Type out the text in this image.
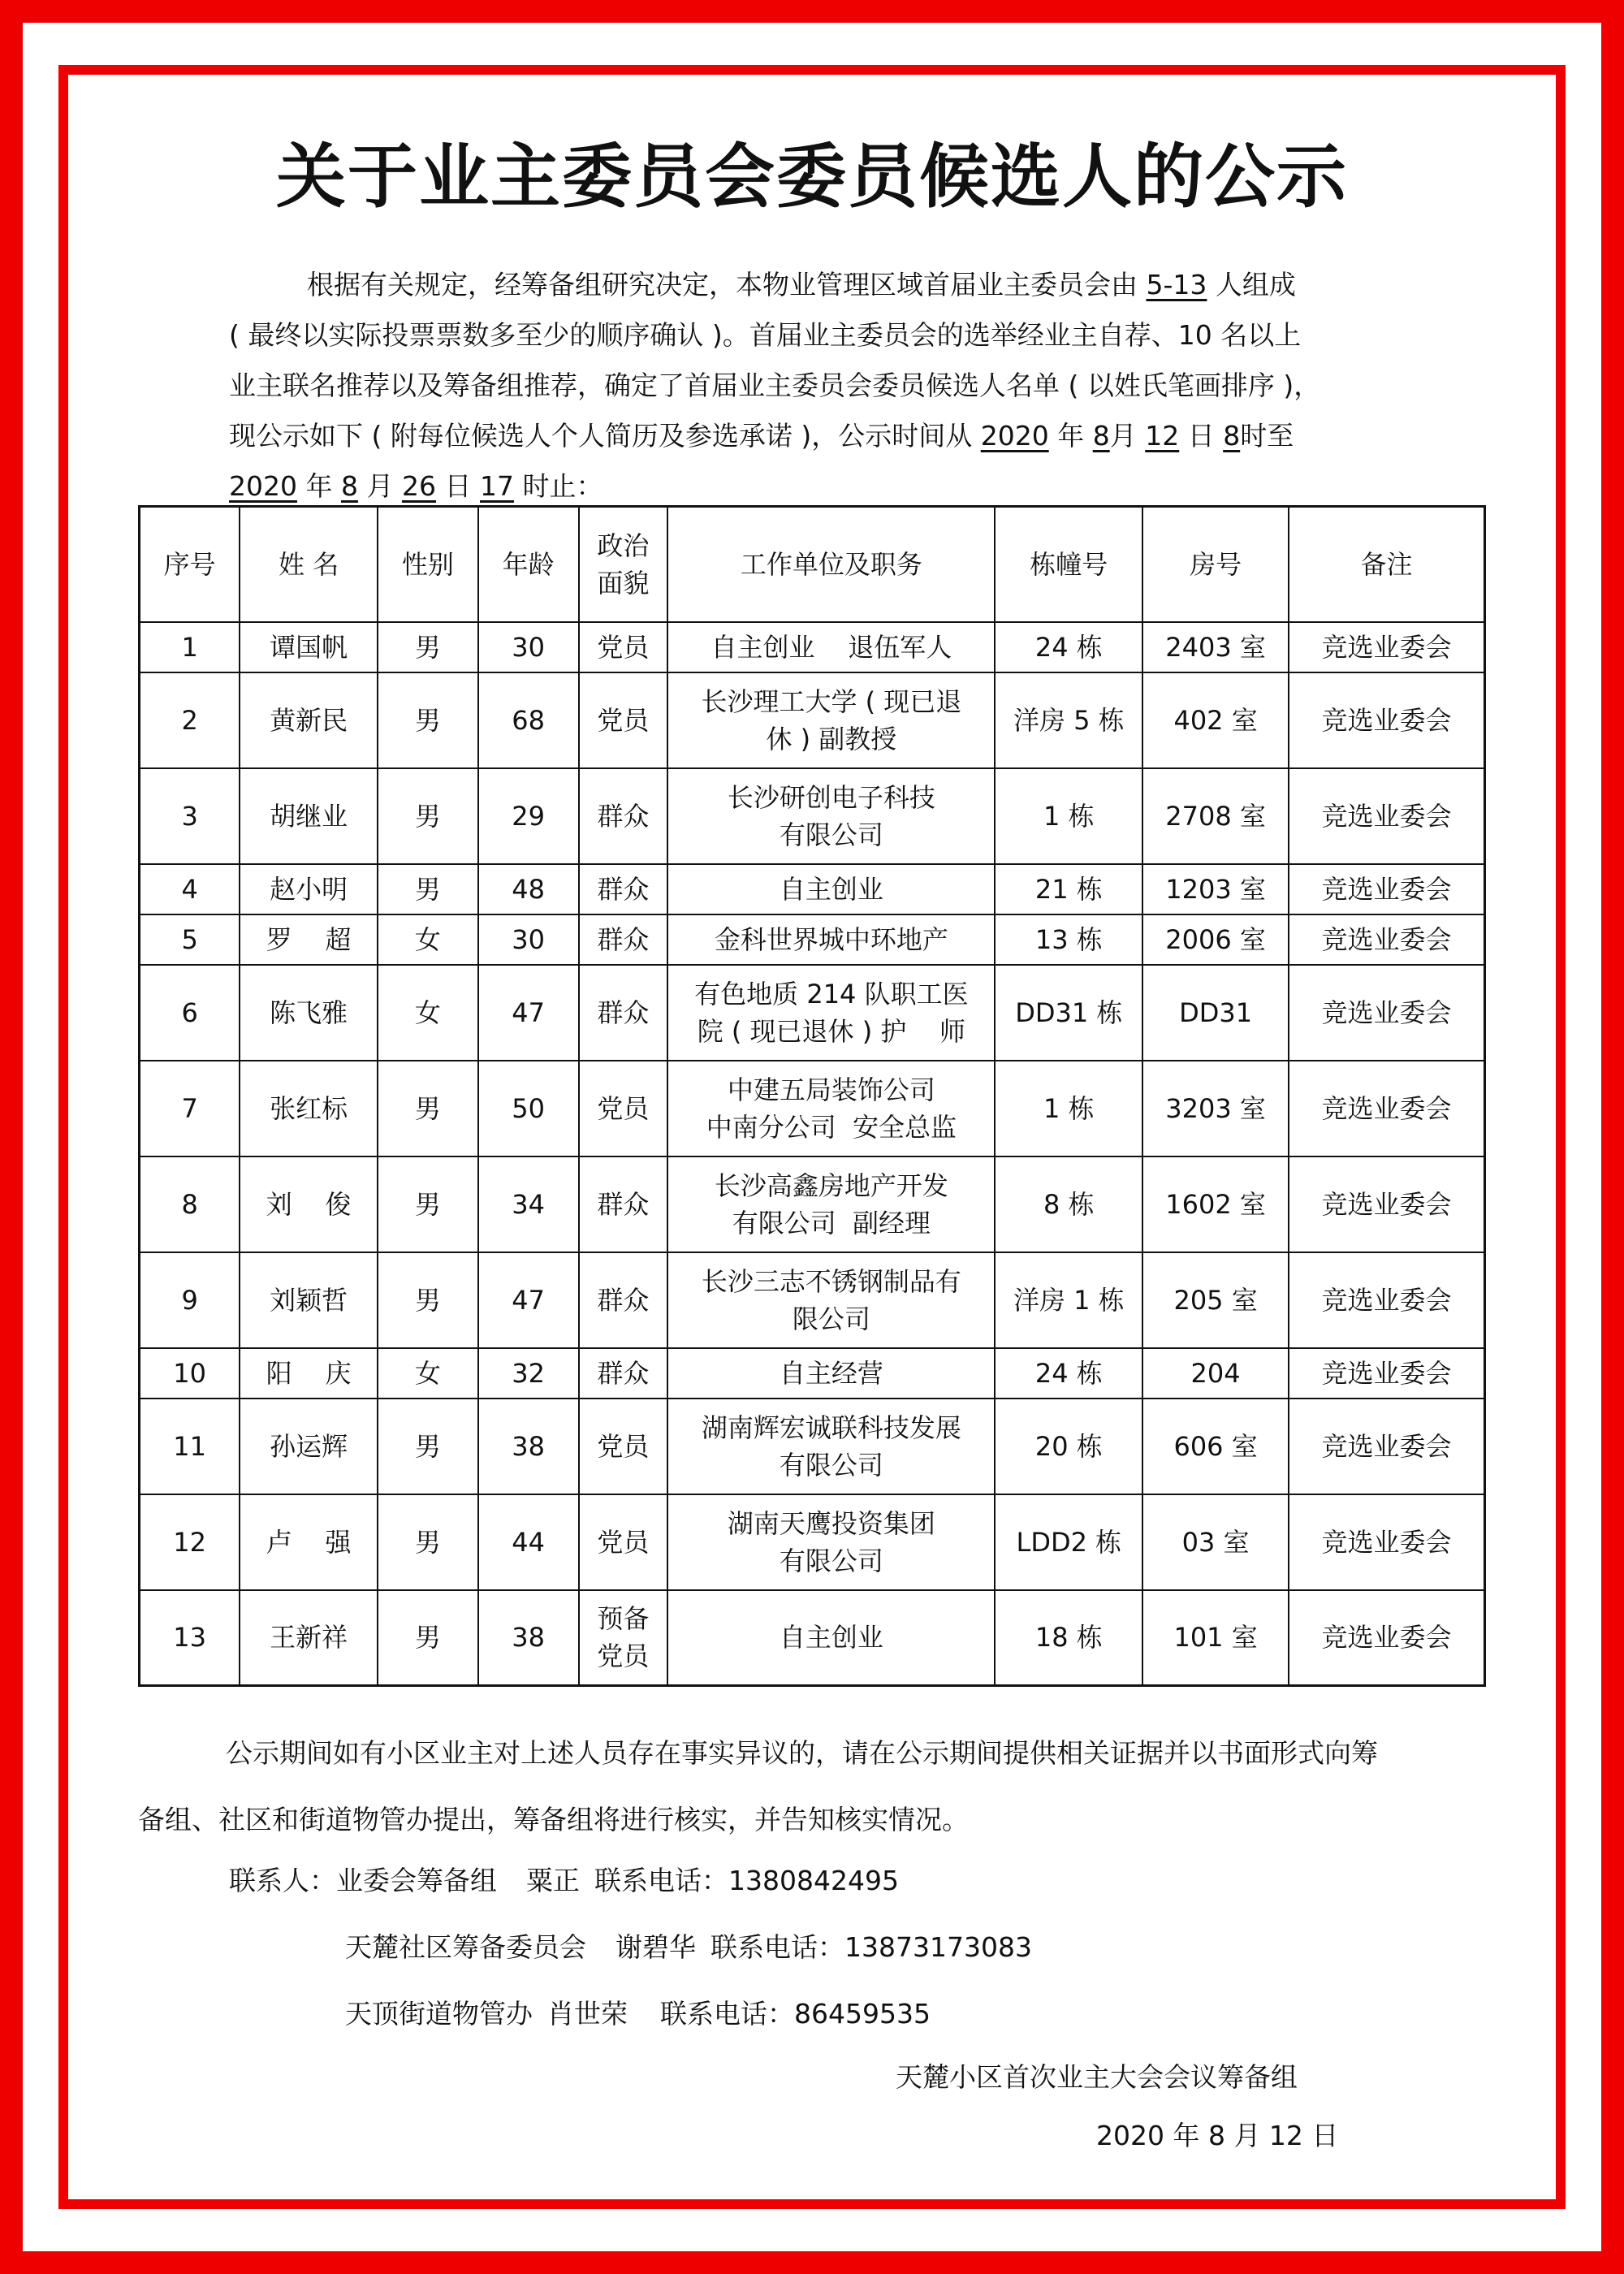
关于业主委员会委员候选人的公示

根据有关规定，经筹备组研究决定，本物业管理区域首届业主委员会由 5-13 人组成

( 最终以实际投票票数多至少的顺序确认 )。首届业主委员会的选举经业主自荐、10 名以上

业主联名推荐以及筹备组推荐，确定了首届业主委员会委员候选人名单 ( 以姓氏笔画排序 )，

现公示如下 ( 附每位候选人个人简历及参选承诺 )，公示时间从 2020 年 8月 12 日 8时至

2020 年 8 月 26 日 17 时止：

序号	姓 名	性别	年龄	政治
面貌	工作单位及职务	栋幢号	房号	备注
1	谭国帆	男	30	党员	自主创业    退伍军人	24 栋	2403 室	竞选业委会
2	黄新民	男	68	党员	长沙理工大学 ( 现已退
休 ) 副教授	洋房 5 栋	402 室	竞选业委会
3	胡继业	男	29	群众	长沙研创电子科技
有限公司	1 栋	2708 室	竞选业委会
4	赵小明	男	48	群众	自主创业	21 栋	1203 室	竞选业委会
5	罗    超	女	30	群众	金科世界城中环地产	13 栋	2006 室	竞选业委会
6	陈飞雅	女	47	群众	有色地质 214 队职工医
院 ( 现已退休 ) 护    师	DD31 栋	DD31	竞选业委会
7	张红标	男	50	党员	中建五局装饰公司
中南分公司  安全总监	1 栋	3203 室	竞选业委会
8	刘    俊	男	34	群众	长沙高鑫房地产开发
有限公司  副经理	8 栋	1602 室	竞选业委会
9	刘颖哲	男	47	群众	长沙三志不锈钢制品有
限公司	洋房 1 栋	205 室	竞选业委会
10	阳    庆	女	32	群众	自主经营	24 栋	204	竞选业委会
11	孙运辉	男	38	党员	湖南辉宏诚联科技发展
有限公司	20 栋	606 室	竞选业委会
12	卢    强	男	44	党员	湖南天鹰投资集团
有限公司	LDD2 栋	03 室	竞选业委会
13	王新祥	男	38	预备
党员	自主创业	18 栋	101 室	竞选业委会

公示期间如有小区业主对上述人员存在事实异议的，请在公示期间提供相关证据并以书面形式向筹

备组、社区和街道物管办提出，筹备组将进行核实，并告知核实情况。

联系人：业委会筹备组 粟正 联系电话：1380842495
天麓社区筹备委员会 谢碧华 联系电话：13873173083
天顶街道物管办 肖世荣 联系电话：86459535
天麓小区首次业主大会会议筹备组
2020 年 8 月 12 日
